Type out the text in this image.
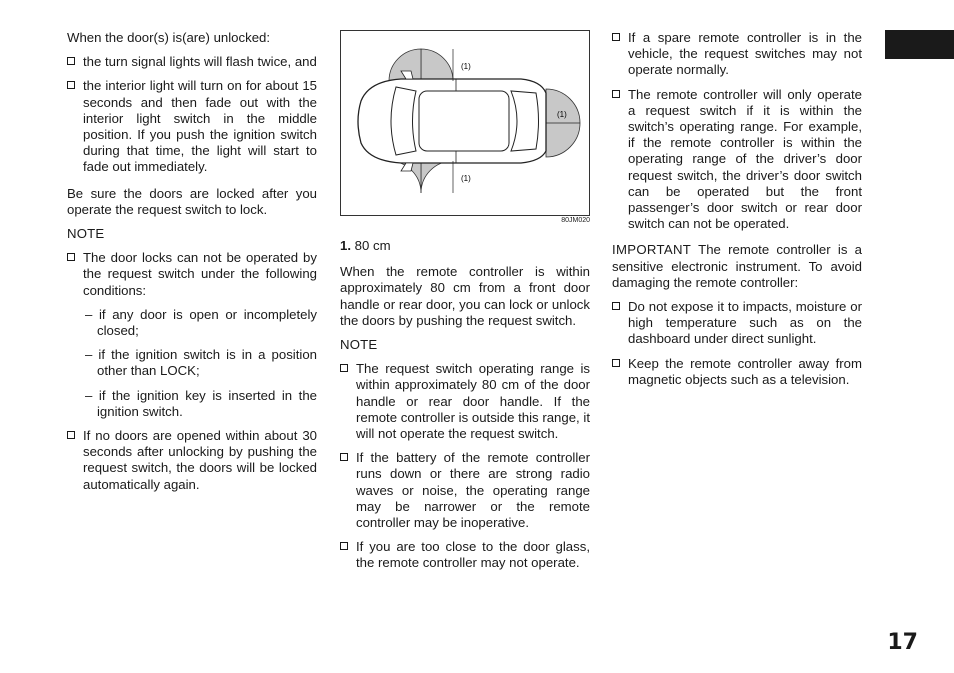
When the door(s) is(are) unlocked:

the turn signal lights will flash twice, and
the interior light will turn on for about 15 seconds and then fade out with the interior light switch in the middle position. If you push the ignition switch during that time, the light will start to fade out immediately.

Be sure the doors are locked after you operate the request switch to lock.

NOTE
The door locks can not be operated by the request switch under the following conditions:
– if any door is open or incompletely closed;
– if the ignition switch is in a position other than LOCK;
– if the ignition key is inserted in the ignition switch.
If no doors are opened within about 30 seconds after unlocking by pushing the request switch, the doors will be locked automatically again.
(1)
(1)
(1)
80JM020
1. 80 cm

When the remote controller is within approximately 80 cm from a front door handle or rear door, you can lock or unlock the doors by pushing the request switch.

NOTE
The request switch operating range is within approximately 80 cm of the door handle or rear door handle. If the remote controller is outside this range, it will not operate the request switch.
If the battery of the remote controller runs down or there are strong radio waves or noise, the operating range may be narrower or the remote controller may be inoperative.
If you are too close to the door glass, the remote controller may not operate.
If a spare remote controller is in the vehicle, the request switches may not operate normally.
The remote controller will only operate a request switch if it is within the switch’s operating range. For example, if the remote controller is within the operating range of the driver’s door request switch, the driver’s door switch can be operated but the front passenger’s door switch or rear door switch can not be operated.

IMPORTANT The remote controller is a sensitive electronic instrument. To avoid damaging the remote controller:

Do not expose it to impacts, moisture or high temperature such as on the dashboard under direct sunlight.
Keep the remote controller away from magnetic objects such as a television.
17
